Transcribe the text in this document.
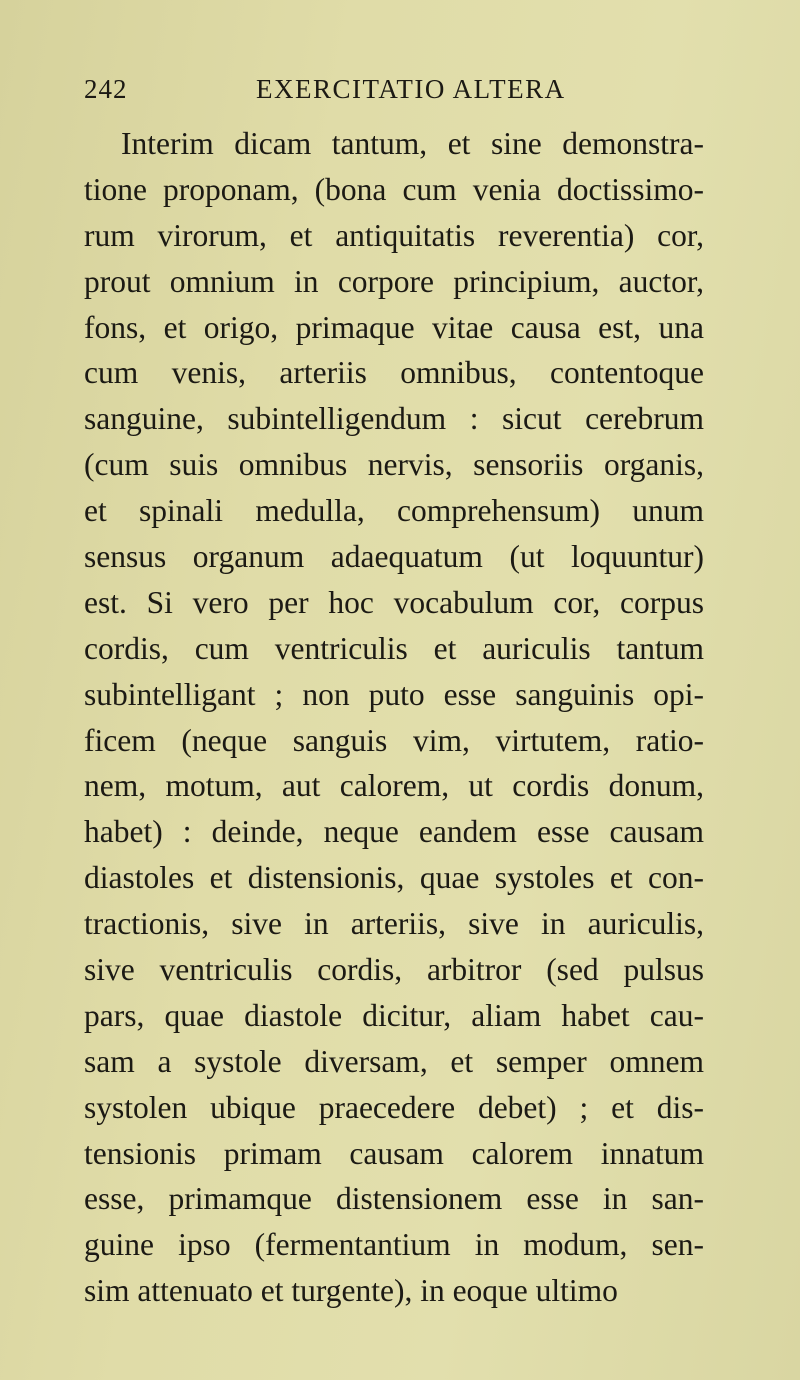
242	EXERCITATIO ALTERA
Interim dicam tantum, et sine demonstra-
tione proponam, (bona cum venia doctissimo-
rum virorum, et antiquitatis reverentia) cor,
prout omnium in corpore principium, auctor,
fons, et origo, primaque vitae causa est, una
cum venis, arteriis omnibus, contentoque
sanguine, subintelligendum : sicut cerebrum
(cum suis omnibus nervis, sensoriis organis,
et spinali medulla, comprehensum) unum
sensus organum adaequatum (ut loquuntur)
est. Si vero per hoc vocabulum cor, corpus
cordis, cum ventriculis et auriculis tantum
subintelligant ; non puto esse sanguinis opi-
ficem (neque sanguis vim, virtutem, ratio-
nem, motum, aut calorem, ut cordis donum,
habet) : deinde, neque eandem esse causam
diastoles et distensionis, quae systoles et con-
tractionis, sive in arteriis, sive in auriculis,
sive ventriculis cordis, arbitror (sed pulsus
pars, quae diastole dicitur, aliam habet cau-
sam a systole diversam, et semper omnem
systolen ubique praecedere debet) ; et dis-
tensionis primam causam calorem innatum
esse, primamque distensionem esse in san-
guine ipso (fermentantium in modum, sen-
sim attenuato et turgente), in eoque ultimo
